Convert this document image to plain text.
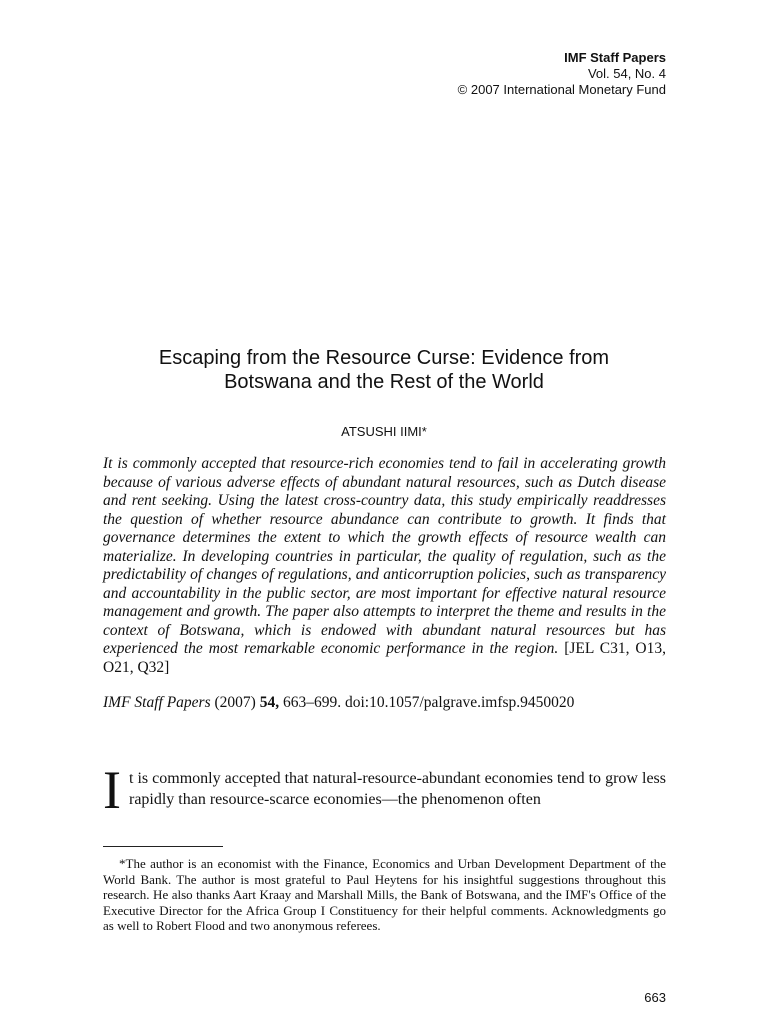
IMF Staff Papers
Vol. 54, No. 4
© 2007 International Monetary Fund
Escaping from the Resource Curse: Evidence from
Botswana and the Rest of the World
ATSUSHI IIMI*

It is commonly accepted that resource-rich economies tend to fail in accelerating growth because of various adverse effects of abundant natural resources, such as Dutch disease and rent seeking. Using the latest cross-country data, this study empirically readdresses the question of whether resource abundance can contribute to growth. It finds that governance determines the extent to which the growth effects of resource wealth can materialize. In developing countries in particular, the quality of regulation, such as the predictability of changes of regulations, and anticorruption policies, such as transparency and accountability in the public sector, are most important for effective natural resource management and growth. The paper also attempts to interpret the theme and results in the context of Botswana, which is endowed with abundant natural resources but has experienced the most remarkable economic performance in the region. [JEL C31, O13, O21, Q32]

IMF Staff Papers (2007) 54, 663–699. doi:10.1057/palgrave.imfsp.9450020

It is commonly accepted that natural-resource-abundant economies tend to grow less rapidly than resource-scarce economies—the phenomenon often

*The author is an economist with the Finance, Economics and Urban Development Department of the World Bank. The author is most grateful to Paul Heytens for his insightful suggestions throughout this research. He also thanks Aart Kraay and Marshall Mills, the Bank of Botswana, and the IMF's Office of the Executive Director for the Africa Group I Constituency for their helpful comments. Acknowledgments go as well to Robert Flood and two anonymous referees.

663
